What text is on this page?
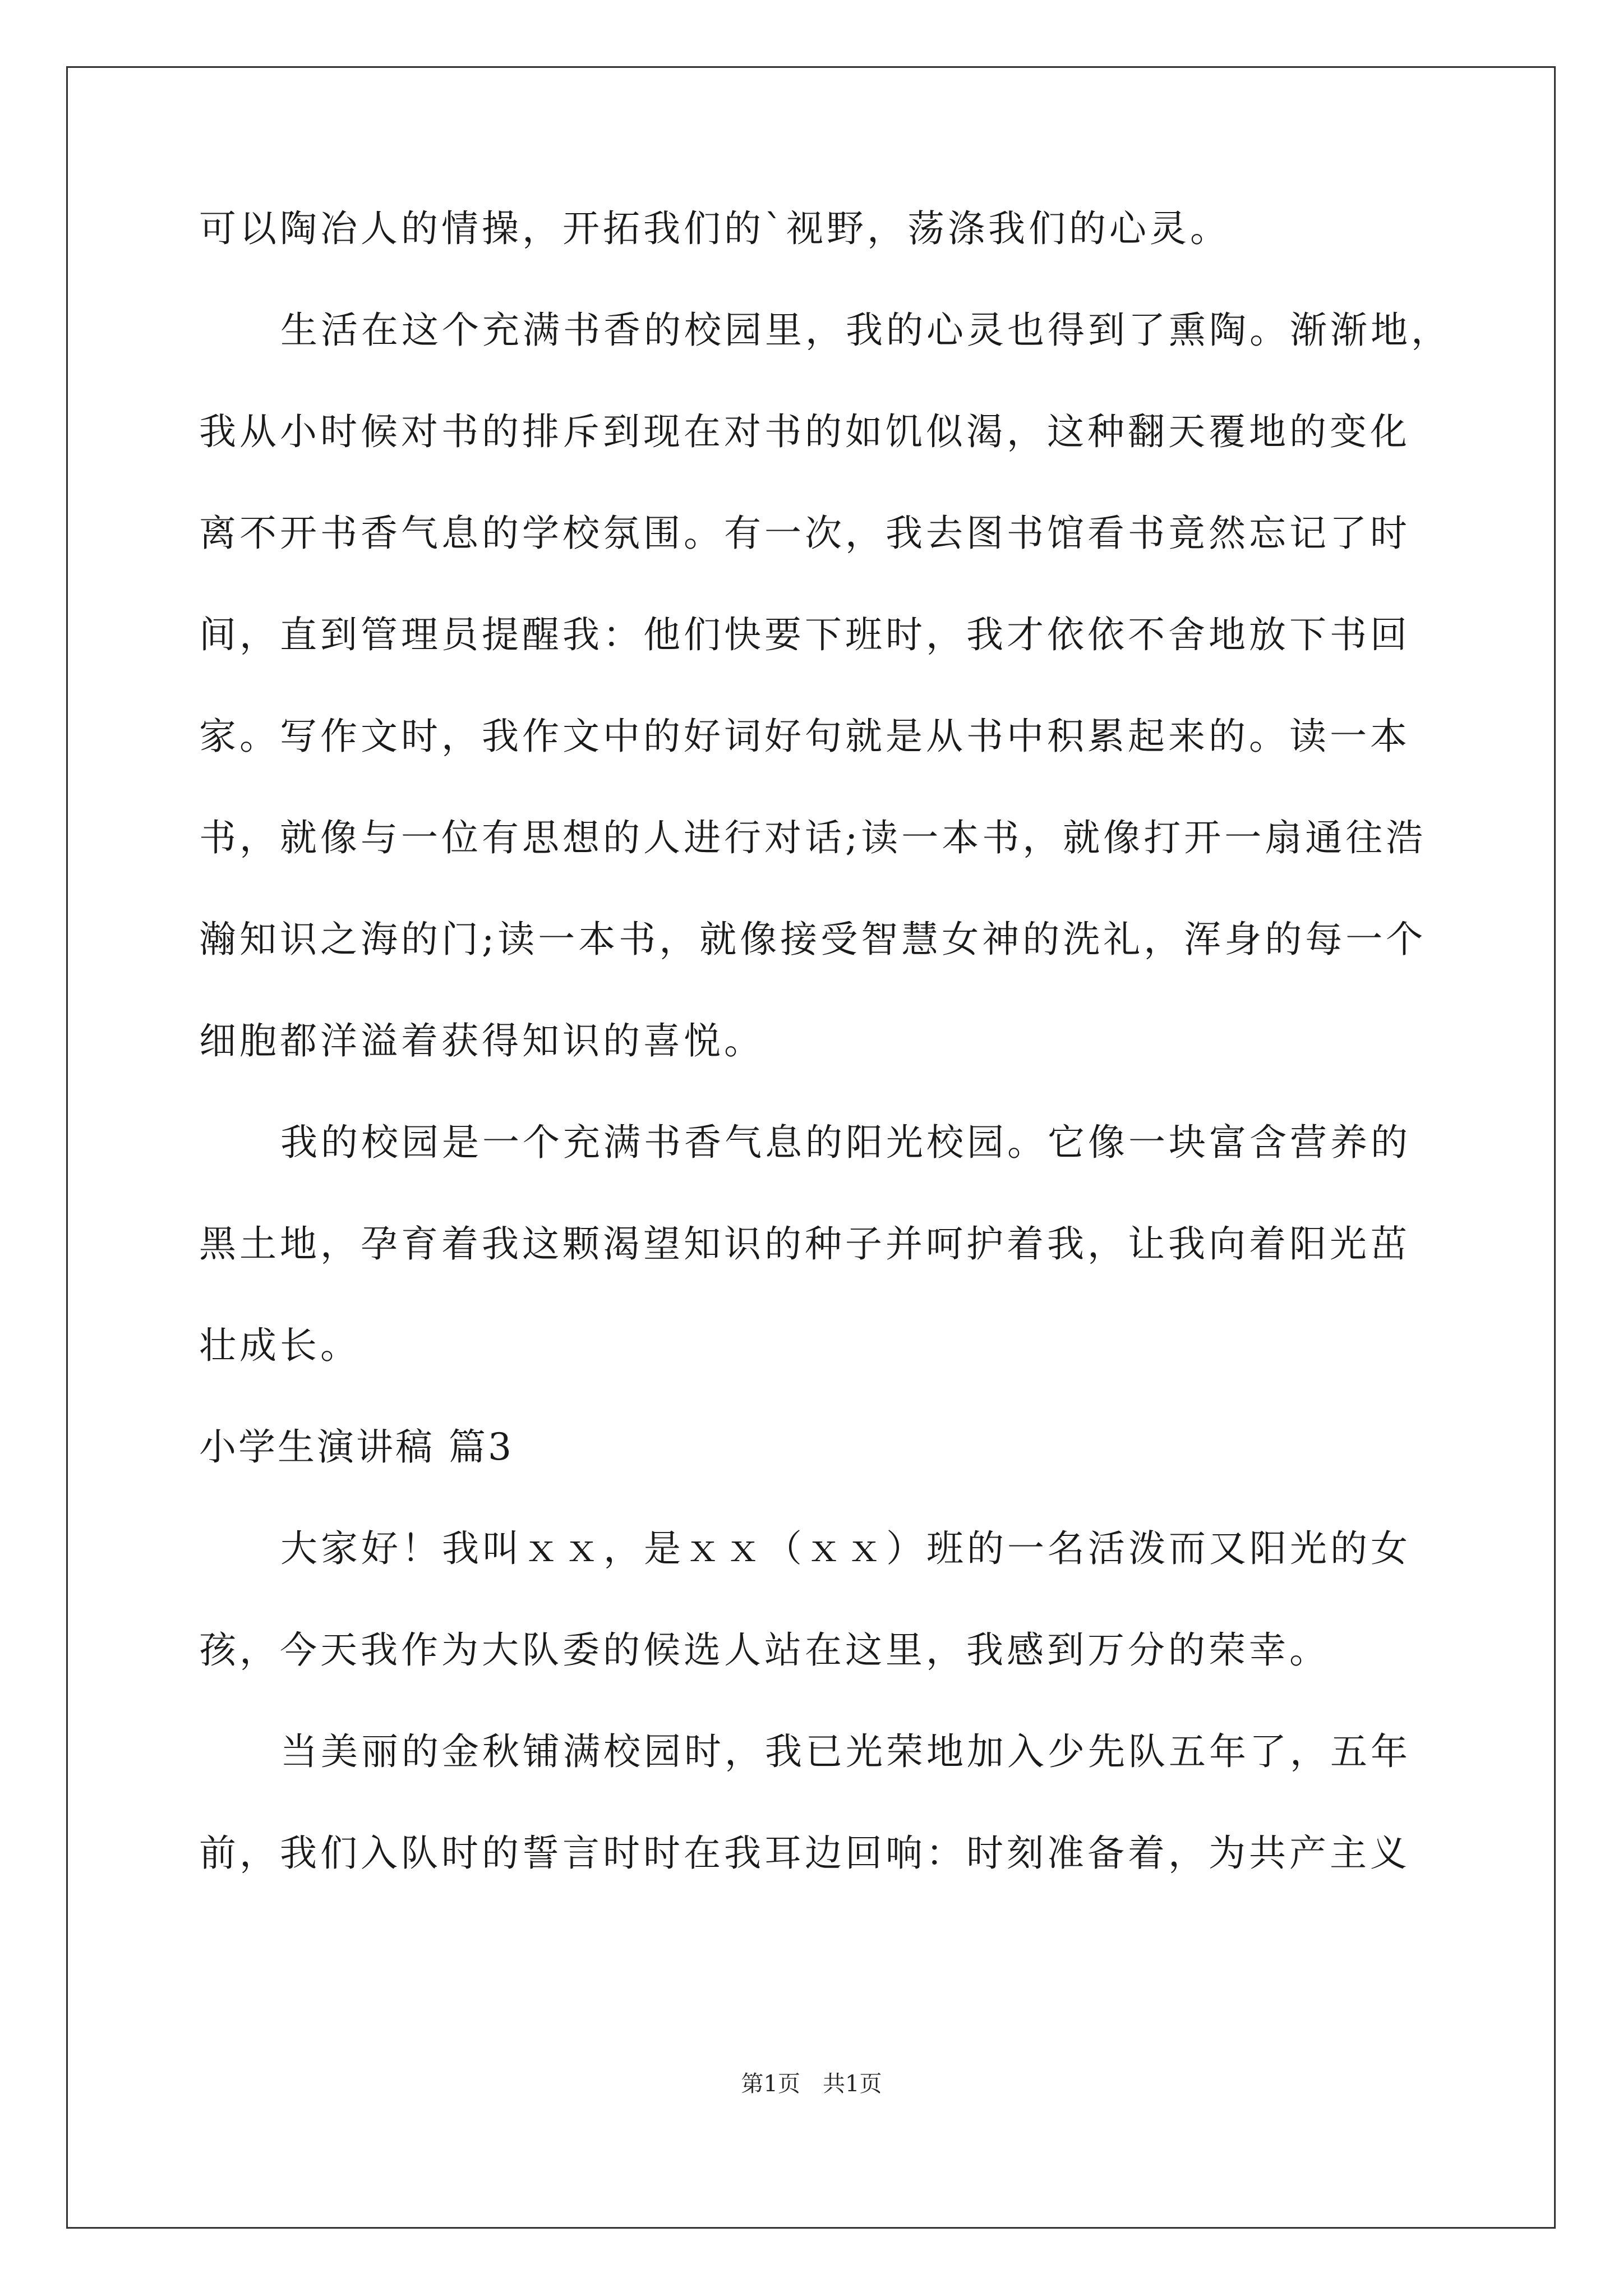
可以陶冶人的情操，开拓我们的`视野，荡涤我们的心灵。

生活在这个充满书香的校园里，我的心灵也得到了熏陶。渐渐地，

我从小时候对书的排斥到现在对书的如饥似渴，这种翻天覆地的变化

离不开书香气息的学校氛围。有一次，我去图书馆看书竟然忘记了时

间，直到管理员提醒我：他们快要下班时，我才依依不舍地放下书回

家。写作文时，我作文中的好词好句就是从书中积累起来的。读一本

书，就像与一位有思想的人进行对话;读一本书，就像打开一扇通往浩

瀚知识之海的门;读一本书，就像接受智慧女神的洗礼，浑身的每一个

细胞都洋溢着获得知识的喜悦。

我的校园是一个充满书香气息的阳光校园。它像一块富含营养的

黑土地，孕育着我这颗渴望知识的种子并呵护着我，让我向着阳光茁

壮成长。

小学生演讲稿 篇3

大家好！我叫ｘｘ，是ｘｘ（ｘｘ）班的一名活泼而又阳光的女

孩，今天我作为大队委的候选人站在这里，我感到万分的荣幸。

当美丽的金秋铺满校园时，我已光荣地加入少先队五年了，五年

前，我们入队时的誓言时时在我耳边回响：时刻准备着，为共产主义

第1页　共1页
